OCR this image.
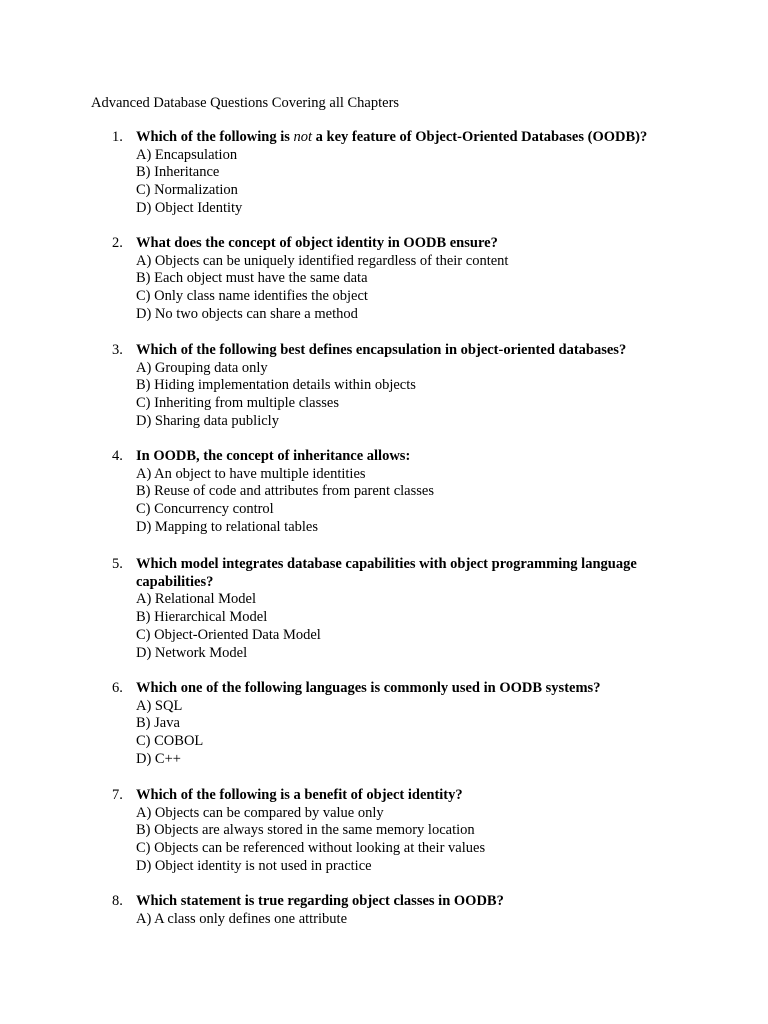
Advanced Database Questions Covering all Chapters
1. Which of the following is not a key feature of Object-Oriented Databases (OODB)?
A) Encapsulation
B) Inheritance
C) Normalization
D) Object Identity
2. What does the concept of object identity in OODB ensure?
A) Objects can be uniquely identified regardless of their content
B) Each object must have the same data
C) Only class name identifies the object
D) No two objects can share a method
3. Which of the following best defines encapsulation in object-oriented databases?
A) Grouping data only
B) Hiding implementation details within objects
C) Inheriting from multiple classes
D) Sharing data publicly
4. In OODB, the concept of inheritance allows:
A) An object to have multiple identities
B) Reuse of code and attributes from parent classes
C) Concurrency control
D) Mapping to relational tables
5. Which model integrates database capabilities with object programming language
capabilities?
A) Relational Model
B) Hierarchical Model
C) Object-Oriented Data Model
D) Network Model
6. Which one of the following languages is commonly used in OODB systems?
A) SQL
B) Java
C) COBOL
D) C++
7. Which of the following is a benefit of object identity?
A) Objects can be compared by value only
B) Objects are always stored in the same memory location
C) Objects can be referenced without looking at their values
D) Object identity is not used in practice
8. Which statement is true regarding object classes in OODB?
A) A class only defines one attribute
